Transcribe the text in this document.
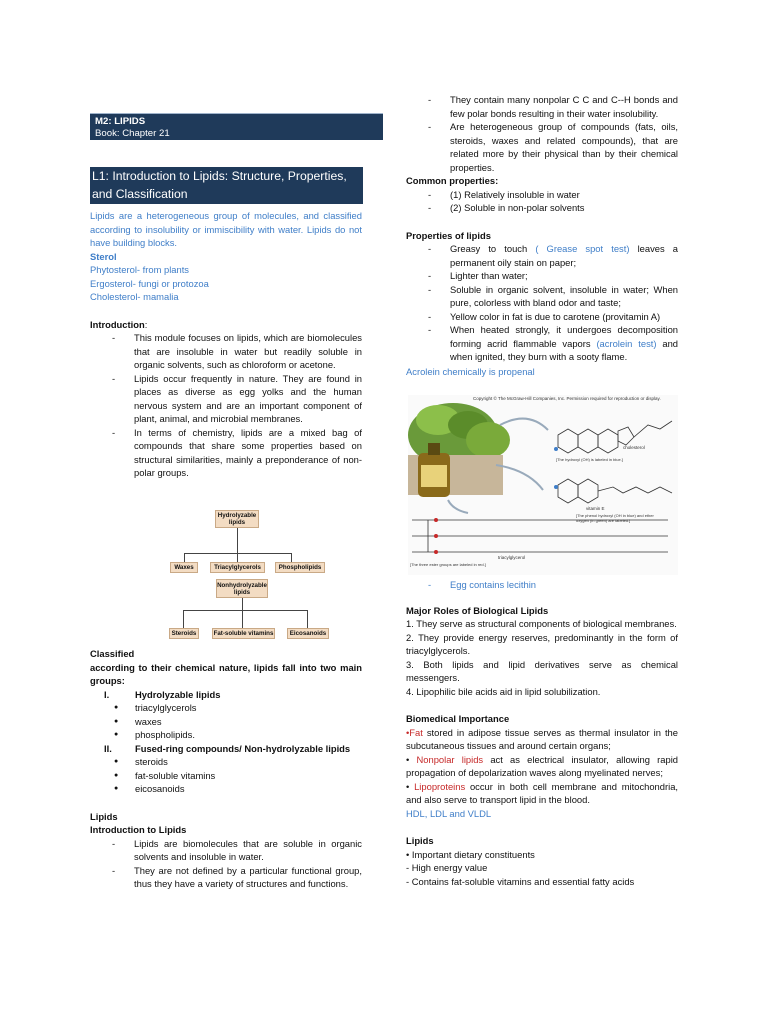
M2: LIPIDS
Book: Chapter 21
L1: Introduction to Lipids: Structure, Properties, and Classification

Lipids are a heterogeneous group of molecules, and classified according to insolubility or immiscibility with water. Lipids do not have building blocks.

Sterol

Phytosterol- from plants

Ergosterol- fungi or protozoa

Cholesterol- mamalia

Introduction:

- This module focuses on lipids, which are biomolecules that are insoluble in water but readily soluble in organic solvents, such as chloroform or acetone.
- Lipids occur frequently in nature. They are found in places as diverse as egg yolks and the human nervous system and are an important component of plant, animal, and microbial membranes.
- In terms of chemistry, lipids are a mixed bag of compounds that share some properties based on structural similarities, mainly a preponderance of non-polar groups.
Hydrolyzable lipids
Waxes	Triacylglycerols	Phospholipids
Nonhydrolyzable lipids
Steroids	Fat-soluble vitamins	Eicosanoids

Classified

according to their chemical nature, lipids fall into two main groups:

I.	Hydrolyzable lipids
● triacylglycerols
● waxes
● phospholipids.
II. Fused-ring compounds/ Non-hydrolyzable lipids
● steroids
● fat-soluble vitamins
● eicosanoids

Lipids

Introduction to Lipids

- Lipids are biomolecules that are soluble in organic solvents and insoluble in water.
- They are not defined by a particular functional group, thus they have a variety of structures and functions.
- They contain many nonpolar C C and C--H bonds and few polar bonds resulting in their water insolubility.
- Are heterogeneous group of compounds (fats, oils, steroids, waxes and related compounds), that are related more by their physical than by their chemical properties.

Common properties:

- (1) Relatively insoluble in water
- (2) Soluble in non-polar solvents

Properties of lipids

- Greasy to touch ( Grease spot test) leaves a permanent oily stain on paper;
- Lighter than water;
- Soluble in organic solvent, insoluble in water; When pure, colorless with bland odor and taste;
- Yellow color in fat is due to carotene (provitamin A)
- When heated strongly, it undergoes decomposition forming acrid flammable vapors (acrolein test) and when ignited, they burn with a sooty flame.

Acrolein chemically is propenal

Copyright © The McGraw-Hill Companies, Inc. Permission required for reproduction or display.
cholesterol
[The hydroxyl (OH) is labeled in blue.]
vitamin E
[The phenol hydroxyl (OH in blue) and ether oxygen (in green) are labeled.]
triacylglycerol
[The three ester groups are labeled in red.]
- Egg contains lecithin

Major Roles of Biological Lipids

1. They serve as structural components of biological membranes.

2. They provide energy reserves, predominantly in the form of triacylglycerols.

3. Both lipids and lipid derivatives serve as chemical messengers.

4. Lipophilic bile acids aid in lipid solubilization.

Biomedical Importance

•Fat stored in adipose tissue serves as thermal insulator in the subcutaneous tissues and around certain organs;

• Nonpolar lipids act as electrical insulator, allowing rapid propagation of depolarization waves along myelinated nerves;

• Lipoproteins occur in both cell membrane and mitochondria, and also serve to transport lipid in the blood.

HDL, LDL and VLDL

Lipids

• Important dietary constituents

- High energy value

- Contains fat-soluble vitamins and essential fatty acids
